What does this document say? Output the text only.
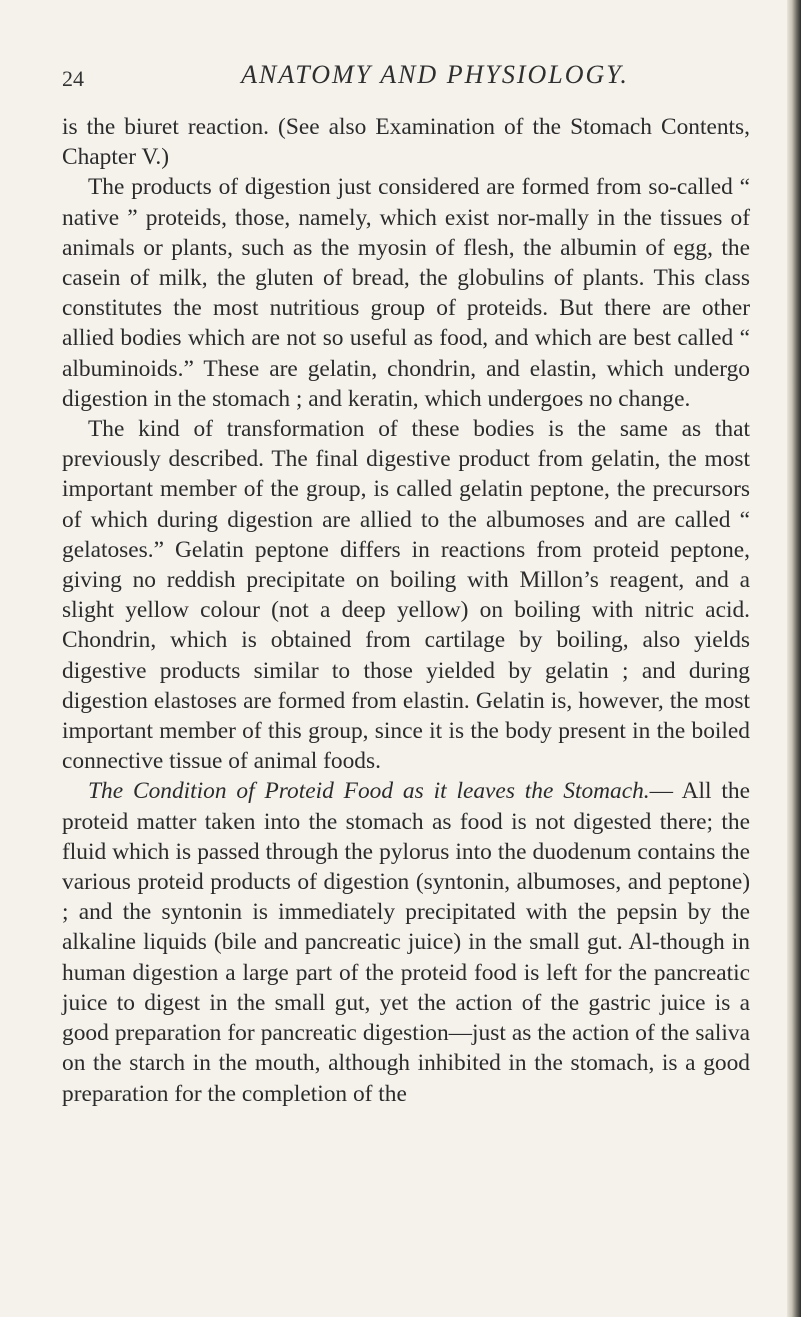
24	ANATOMY AND PHYSIOLOGY.

is the biuret reaction. (See also Examination of the Stomach Contents, Chapter V.)

The products of digestion just considered are formed from so-called “ native ” proteids, those, namely, which exist nor-mally in the tissues of animals or plants, such as the myosin of flesh, the albumin of egg, the casein of milk, the gluten of bread, the globulins of plants. This class constitutes the most nutritious group of proteids. But there are other allied bodies which are not so useful as food, and which are best called “ albuminoids.” These are gelatin, chondrin, and elastin, which undergo digestion in the stomach ; and keratin, which undergoes no change.

The kind of transformation of these bodies is the same as that previously described. The final digestive product from gelatin, the most important member of the group, is called gelatin peptone, the precursors of which during digestion are allied to the albumoses and are called “ gelatoses.” Gelatin peptone differs in reactions from proteid peptone, giving no reddish precipitate on boiling with Millon’s reagent, and a slight yellow colour (not a deep yellow) on boiling with nitric acid. Chondrin, which is obtained from cartilage by boiling, also yields digestive products similar to those yielded by gelatin ; and during digestion elastoses are formed from elastin. Gelatin is, however, the most important member of this group, since it is the body present in the boiled connective tissue of animal foods.

The Condition of Proteid Food as it leaves the Stomach.— All the proteid matter taken into the stomach as food is not digested there; the fluid which is passed through the pylorus into the duodenum contains the various proteid products of digestion (syntonin, albumoses, and peptone) ; and the syntonin is immediately precipitated with the pepsin by the alkaline liquids (bile and pancreatic juice) in the small gut. Al-though in human digestion a large part of the proteid food is left for the pancreatic juice to digest in the small gut, yet the action of the gastric juice is a good preparation for pancreatic digestion—just as the action of the saliva on the starch in the mouth, although inhibited in the stomach, is a good preparation for the completion of the
